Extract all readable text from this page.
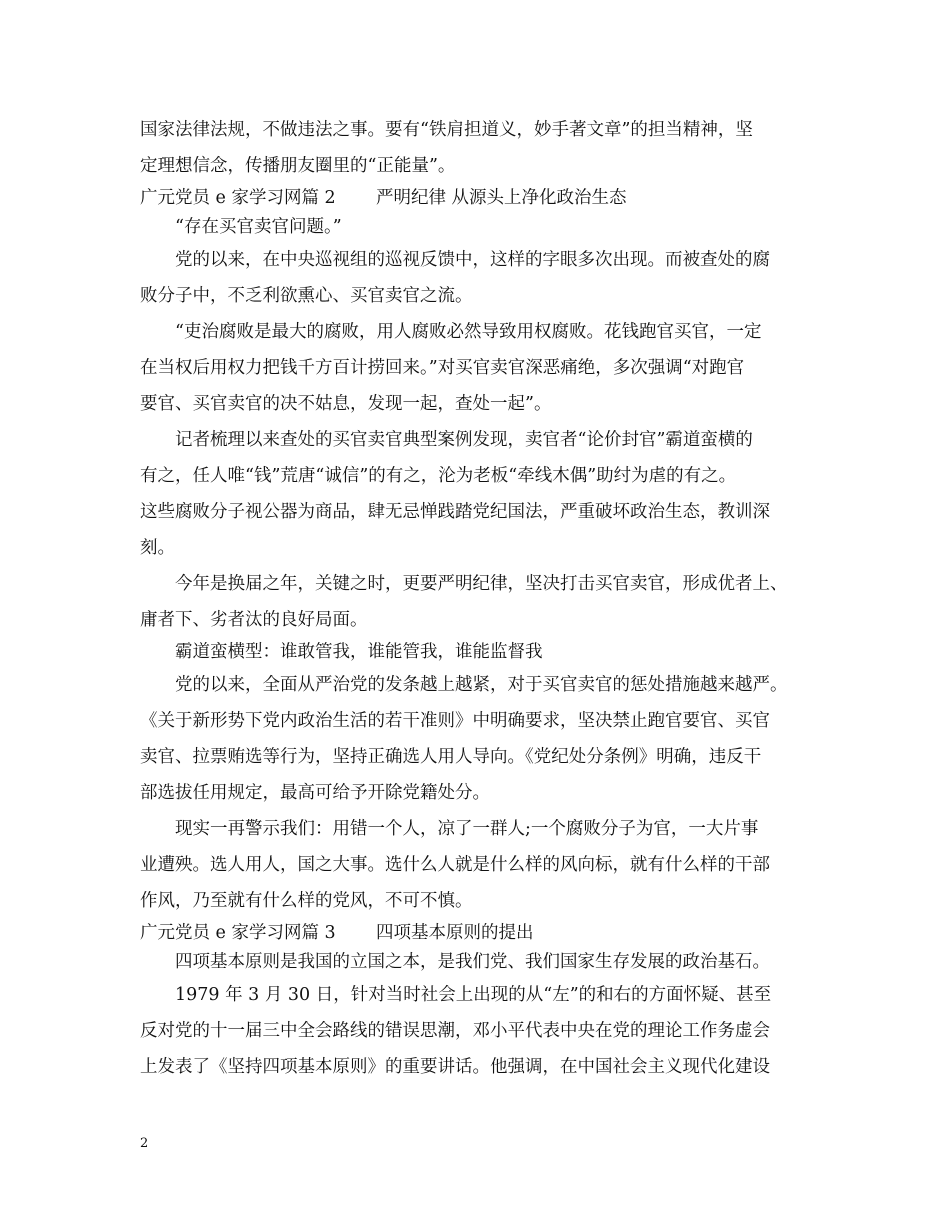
国家法律法规，不做违法之事。要有“铁肩担道义，妙手著文章”的担当精神，坚
定理想信念，传播朋友圈里的“正能量”。
广元党员 e 家学习网篇 2	严明纪律 从源头上净化政治生态
“存在买官卖官问题。”
党的以来，在中央巡视组的巡视反馈中，这样的字眼多次出现。而被查处的腐
败分子中，不乏利欲熏心、买官卖官之流。
“吏治腐败是最大的腐败，用人腐败必然导致用权腐败。花钱跑官买官，一定
在当权后用权力把钱千方百计捞回来。”对买官卖官深恶痛绝，多次强调“对跑官
要官、买官卖官的决不姑息，发现一起，查处一起”。
记者梳理以来查处的买官卖官典型案例发现，卖官者“论价封官”霸道蛮横的
有之，任人唯“钱”荒唐“诚信”的有之，沦为老板“牵线木偶”助纣为虐的有之。
这些腐败分子视公器为商品，肆无忌惮践踏党纪国法，严重破坏政治生态，教训深
刻。
今年是换届之年，关键之时，更要严明纪律，坚决打击买官卖官，形成优者上、
庸者下、劣者汰的良好局面。
霸道蛮横型：谁敢管我，谁能管我，谁能监督我
党的以来，全面从严治党的发条越上越紧，对于买官卖官的惩处措施越来越严。
《关于新形势下党内政治生活的若干准则》中明确要求，坚决禁止跑官要官、买官
卖官、拉票贿选等行为，坚持正确选人用人导向。《党纪处分条例》明确，违反干
部选拔任用规定，最高可给予开除党籍处分。
现实一再警示我们：用错一个人，凉了一群人;一个腐败分子为官，一大片事
业遭殃。选人用人，国之大事。选什么人就是什么样的风向标，就有什么样的干部
作风，乃至就有什么样的党风，不可不慎。
广元党员 e 家学习网篇 3	四项基本原则的提出
四项基本原则是我国的立国之本，是我们党、我们国家生存发展的政治基石。
1979 年 3 月 30 日，针对当时社会上出现的从“左”的和右的方面怀疑、甚至
反对党的十一届三中全会路线的错误思潮，邓小平代表中央在党的理论工作务虚会
上发表了《坚持四项基本原则》的重要讲话。他强调，在中国社会主义现代化建设
2
